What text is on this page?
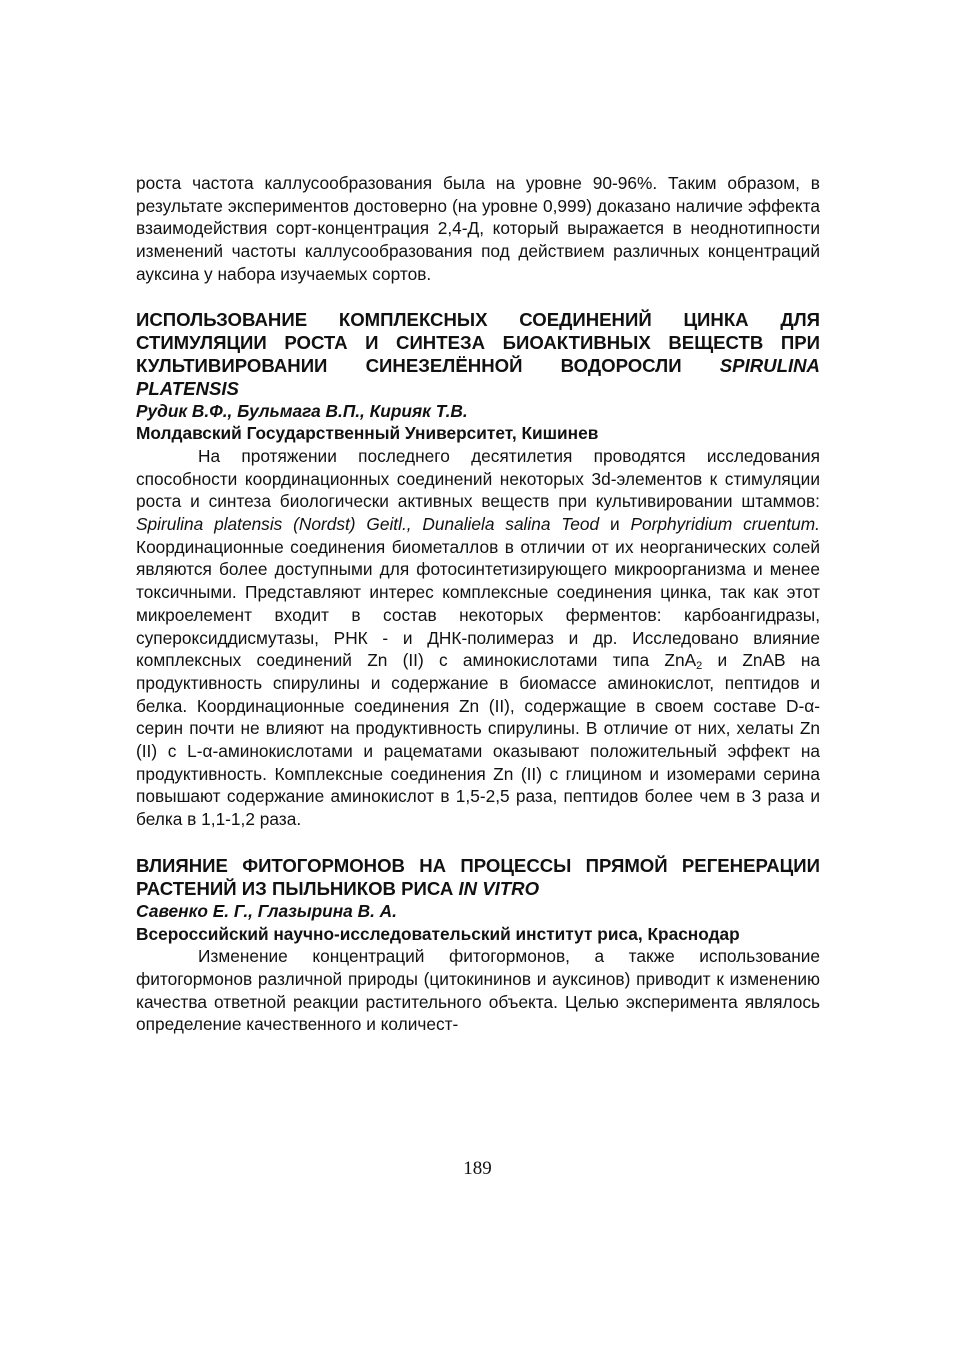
роста частота каллусообразования была на уровне 90-96%. Таким образом, в результате экспериментов достоверно (на уровне 0,999) доказано наличие эффекта взаимодействия сорт-концентрация 2,4-Д, который выражается в неоднотипности изменений частоты каллусообразования под действием различных концентраций ауксина у набора изучаемых сортов.

ИСПОЛЬЗОВАНИЕ КОМПЛЕКСНЫХ СОЕДИНЕНИЙ ЦИНКА ДЛЯ СТИМУЛЯЦИИ РОСТА И СИНТЕЗА БИОАКТИВНЫХ ВЕЩЕСТВ ПРИ КУЛЬТИВИРОВАНИИ СИНЕЗЕЛЁННОЙ ВОДОРОСЛИ SPIRULINA PLATENSIS

Рудик В.Ф., Бульмага В.П., Кирияк Т.В.

Молдавский Государственный Университет, Кишинев

На протяжении последнего десятилетия проводятся исследования способности координационных соединений некоторых 3d-элементов к стимуляции роста и синтеза биологически активных веществ при культивировании штаммов: Spirulina platensis (Nordst) Geitl., Dunaliela salina Teod и Porphyridium cruentum. Координационные соединения биометаллов в отличии от их неорганических солей являются более доступными для фотосинтетизирующего микроорганизма и менее токсичными. Представляют интерес комплексные соединения цинка, так как этот микроелемент входит в состав некоторых ферментов: карбоангидразы, супероксиддисмутазы, РНК - и ДНК-полимераз и др. Исследовано влияние комплексных соединений Zn (II) с аминокислотами типа ZnA$_2$ и ZnAB на продуктивность спирулины и содержание в биомассе аминокислот, пептидов и белка. Координационные соединения Zn (II), содержащие в своем составе D-α-серин почти не влияют на продуктивность спирулины. В отличие от них, хелаты Zn (II) с L-α-аминокислотами и рацематами оказывают положительный эффект на продуктивность. Комплексные соединения Zn (II) с глицином и изомерами серина повышают содержание аминокислот в 1,5-2,5 раза, пептидов более чем в 3 раза и белка в 1,1-1,2 раза.

ВЛИЯНИЕ ФИТОГОРМОНОВ НА ПРОЦЕССЫ ПРЯМОЙ РЕГЕНЕРАЦИИ РАСТЕНИЙ ИЗ ПЫЛЬНИКОВ РИСА IN VITRO

Савенко Е. Г., Глазырина В. А.

Всероссийский научно-исследовательский институт риса, Краснодар

Изменение концентраций фитогормонов, а также использование фитогормонов различной природы (цитокининов и ауксинов) приводит к изменению качества ответной реакции растительного объекта. Целью эксперимента являлось определение качественного и количест-

189
